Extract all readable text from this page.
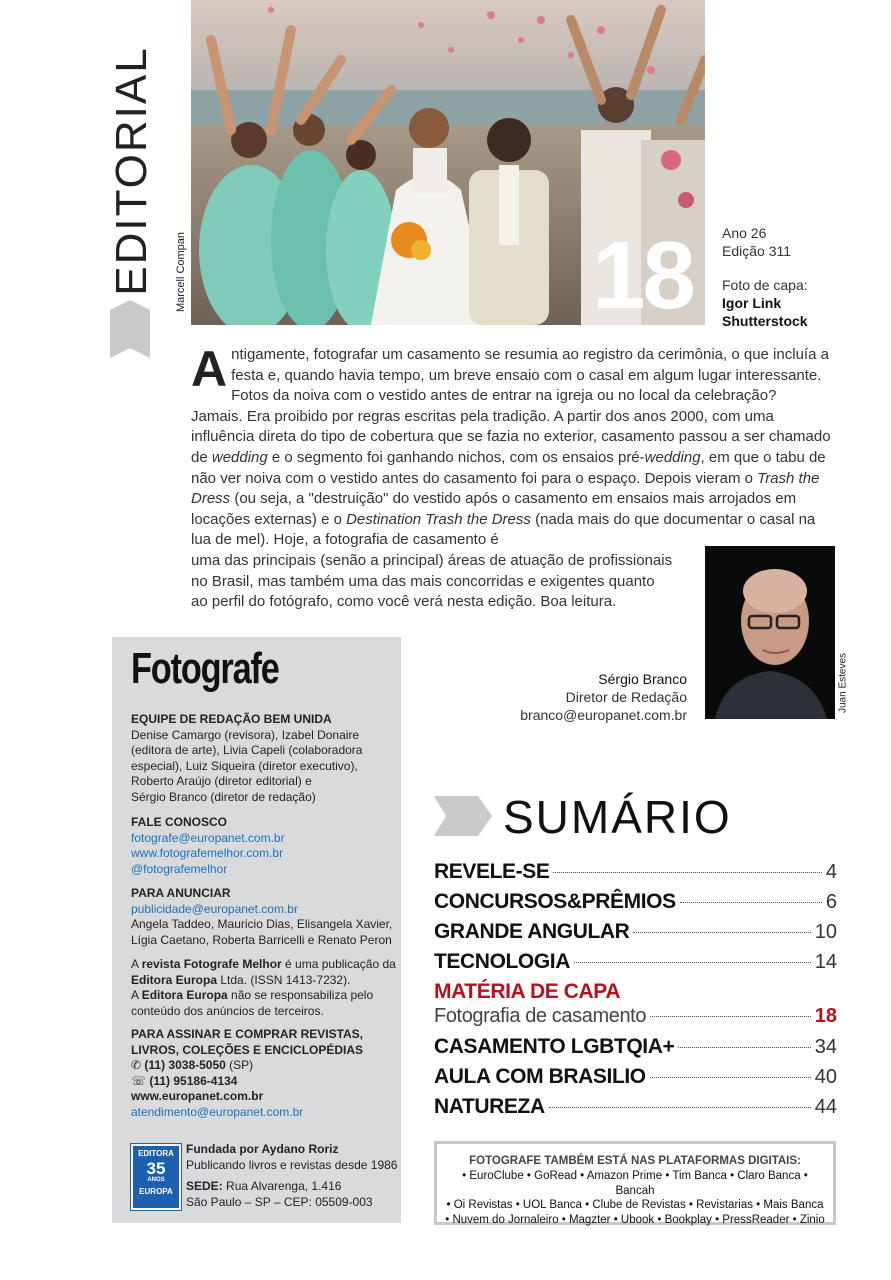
EDITORIAL Marcell Compan	18 Ano 26
Edição 311
Foto de capa:
Igor Link
Shutterstock
Antigamente, fotografar um casamento se resumia ao registro da cerimônia, o que incluía a festa e, quando havia tempo, um breve ensaio com o casal em algum lugar interessante. Fotos da noiva com o vestido antes de entrar na igreja ou no local da celebração? Jamais. Era proibido por regras escritas pela tradição. A partir dos anos 2000, com uma influência direta do tipo de cobertura que se fazia no exterior, casamento passou a ser chamado de wedding e o segmento foi ganhando nichos, com os ensaios pré-wedding, em que o tabu de não ver noiva com o vestido antes do casamento foi para o espaço. Depois vieram o Trash the Dress (ou seja, a "destruição" do vestido após o casamento em ensaios mais arrojados em locações externas) e o Destination Trash the Dress (nada mais do que documentar o casal na lua de mel). Hoje, a fotografia de casamento é
uma das principais (senão a principal) áreas de atuação de profissionais
no Brasil, mas também uma das mais concorridas e exigentes quanto
ao perfil do fotógrafo, como você verá nesta edição. Boa leitura.
Juan Esteves
Sérgio Branco
Diretor de Redação
branco@europanet.com.br
Fotografe
EQUIPE DE REDAÇÃO BEM UNIDA
Denise Camargo (revisora), Izabel Donaire
(editora de arte), Livia Capeli (colaboradora
especial), Luiz Siqueira (diretor executivo),
Roberto Araújo (diretor editorial) e
Sérgio Branco (diretor de redação)
FALE CONOSCO
fotografe@europanet.com.br
www.fotografemelhor.com.br
@fotografemelhor
PARA ANUNCIAR
publicidade@europanet.com.br
Angela Taddeo, Mauricio Dias, Elisangela Xavier,
Lígia Caetano, Roberta Barricelli e Renato Peron
A revista Fotografe Melhor é uma publicação da
Editora Europa Ltda. (ISSN 1413-7232).
A Editora Europa não se responsabiliza pelo
conteúdo dos anúncios de terceiros.
PARA ASSINAR E COMPRAR REVISTAS,
LIVROS, COLEÇÕES E ENCICLOPÉDIAS
✆ (11) 3038-5050 (SP)
☏ (11) 95186-4134
www.europanet.com.br
atendimento@europanet.com.br
EDITORA
35
ANOS
EUROPA
Fundada por Aydano Roriz
Publicando livros e revistas desde 1986
SEDE: Rua Alvarenga, 1.416
São Paulo – SP – CEP: 05509-003
SUMÁRIO
REVELE-SE	4
CONCURSOS&PRÊMIOS	6
GRANDE ANGULAR	10
TECNOLOGIA	14
MATÉRIA DE CAPA
Fotografia de casamento	18
CASAMENTO LGBTQIA+	34
AULA COM BRASILIO	40
NATUREZA	44
FOTOGRAFE TAMBÉM ESTÁ NAS PLATAFORMAS DIGITAIS:
• EuroClube • GoRead • Amazon Prime • Tim Banca • Claro Banca • Bancah
• Oi Revistas • UOL Banca • Clube de Revistas • Revistarias • Mais Banca
• Nuvem do Jornaleiro • Magzter • Ubook • Bookplay • PressReader • Zinio
